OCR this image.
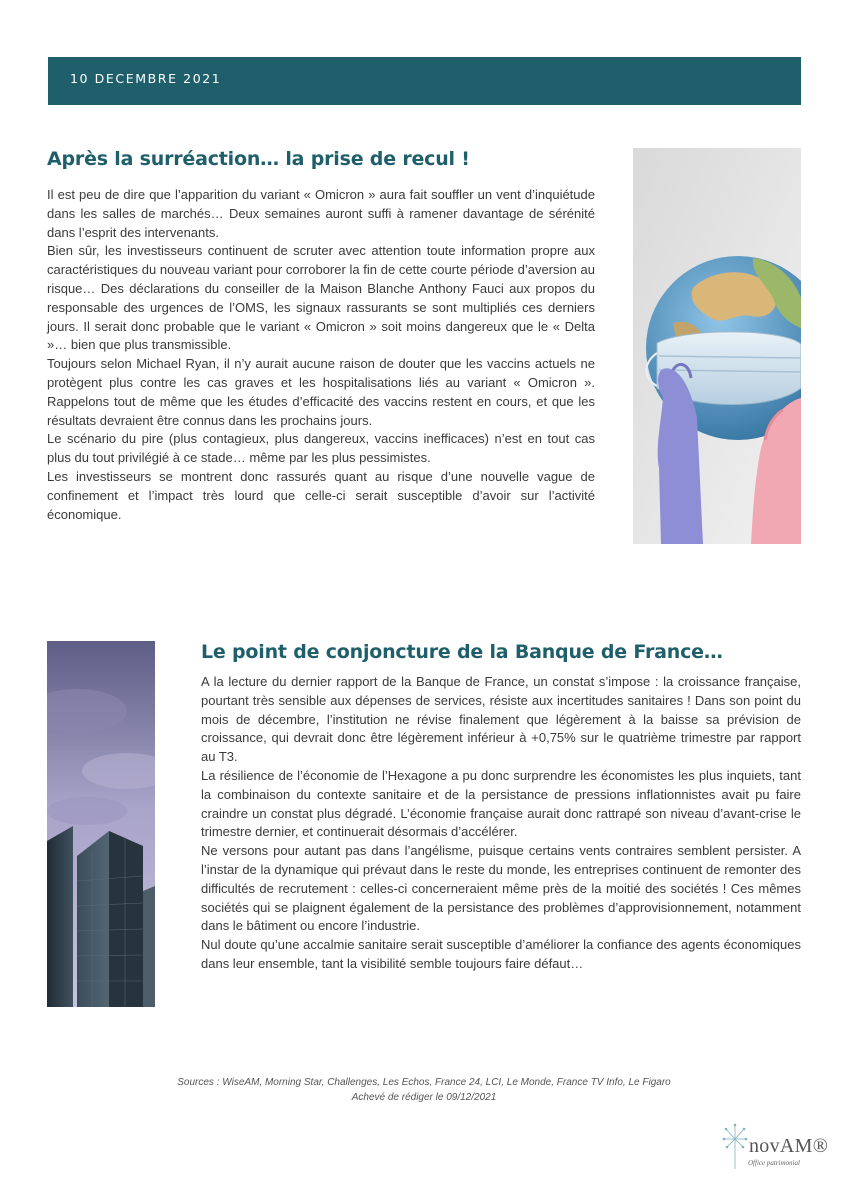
10 DECEMBRE 2021
Après la surréaction… la prise de recul !

Il est peu de dire que l’apparition du variant « Omicron » aura fait souffler un vent d’inquiétude dans les salles de marchés… Deux semaines auront suffi à ramener davantage de sérénité dans l’esprit des intervenants.

Bien sûr, les investisseurs continuent de scruter avec attention toute information propre aux caractéristiques du nouveau variant pour corroborer la fin de cette courte période d’aversion au risque… Des déclarations du conseiller de la Maison Blanche Anthony Fauci aux propos du responsable des urgences de l’OMS, les signaux rassurants se sont multipliés ces derniers jours. Il serait donc probable que le variant « Omicron » soit moins dangereux que le « Delta »… bien que plus transmissible.

Toujours selon Michael Ryan, il n’y aurait aucune raison de douter que les vaccins actuels ne protègent plus contre les cas graves et les hospitalisations liés au variant « Omicron ». Rappelons tout de même que les études d’efficacité des vaccins restent en cours, et que les résultats devraient être connus dans les prochains jours.

Le scénario du pire (plus contagieux, plus dangereux, vaccins inefficaces) n’est en tout cas plus du tout privilégié à ce stade… même par les plus pessimistes.

Les investisseurs se montrent donc rassurés quant au risque d’une nouvelle vague de confinement et l’impact très lourd que celle-ci serait susceptible d’avoir sur l’activité économique.

Le point de conjoncture de la Banque de France…

A la lecture du dernier rapport de la Banque de France, un constat s’impose : la croissance française, pourtant très sensible aux dépenses de services, résiste aux incertitudes sanitaires ! Dans son point du mois de décembre, l’institution ne révise finalement que légèrement à la baisse sa prévision de croissance, qui devrait donc être légèrement inférieur à +0,75% sur le quatrième trimestre par rapport au T3.

La résilience de l’économie de l’Hexagone a pu donc surprendre les économistes les plus inquiets, tant la combinaison du contexte sanitaire et de la persistance de pressions inflationnistes avait pu faire craindre un constat plus dégradé. L’économie française aurait donc rattrapé son niveau d’avant-crise le trimestre dernier, et continuerait désormais d’accélérer.

Ne versons pour autant pas dans l’angélisme, puisque certains vents contraires semblent persister. A l’instar de la dynamique qui prévaut dans le reste du monde, les entreprises continuent de remonter des difficultés de recrutement : celles-ci concerneraient même près de la moitié des sociétés ! Ces mêmes sociétés qui se plaignent également de la persistance des problèmes d’approvisionnement, notamment dans le bâtiment ou encore l’industrie.

Nul doute qu’une accalmie sanitaire serait susceptible d’améliorer la confiance des agents économiques dans leur ensemble, tant la visibilité semble toujours faire défaut…

Sources : WiseAM, Morning Star, Challenges, Les Echos, France 24, LCI, Le Monde, France TV Info, Le Figaro

Achevé de rédiger le 09/12/2021

novAM®
Office patrimonial
